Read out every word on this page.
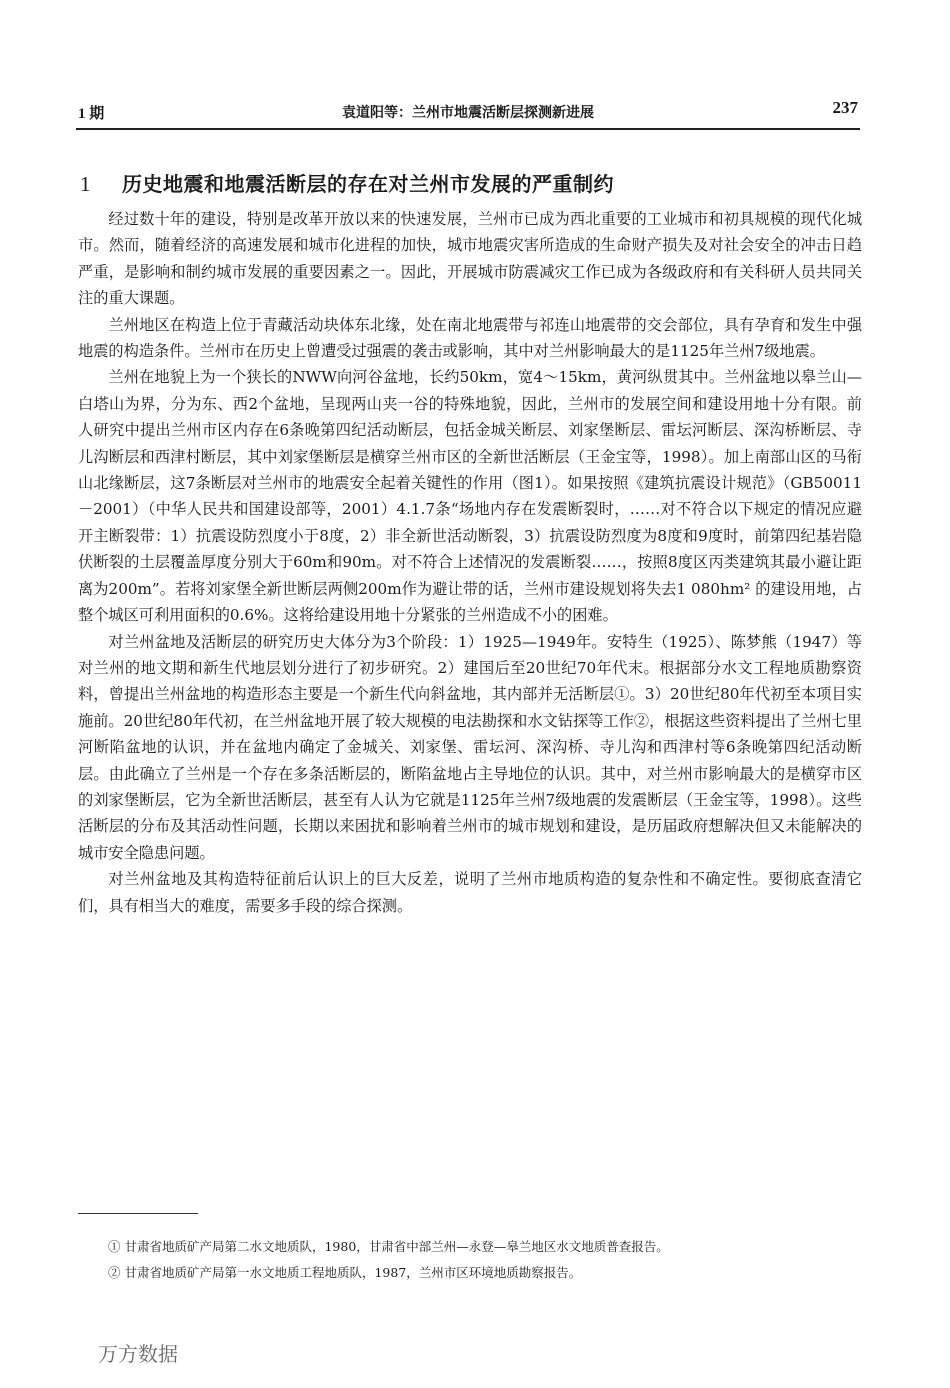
1 期	袁道阳等：兰州市地震活断层探测新进展	237
1 历史地震和地震活断层的存在对兰州市发展的严重制约

经过数十年的建设，特别是改革开放以来的快速发展，兰州市已成为西北重要的工业城市和初具规模的现代化城市。然而，随着经济的高速发展和城市化进程的加快，城市地震灾害所造成的生命财产损失及对社会安全的冲击日趋严重，是影响和制约城市发展的重要因素之一。因此，开展城市防震减灾工作已成为各级政府和有关科研人员共同关注的重大课题。

兰州地区在构造上位于青藏活动块体东北缘，处在南北地震带与祁连山地震带的交会部位，具有孕育和发生中强地震的构造条件。兰州市在历史上曾遭受过强震的袭击或影响，其中对兰州影响最大的是1125年兰州7级地震。

兰州在地貌上为一个狭长的NWW向河谷盆地，长约50km，宽4～15km，黄河纵贯其中。兰州盆地以皋兰山—白塔山为界，分为东、西2个盆地，呈现两山夹一谷的特殊地貌，因此，兰州市的发展空间和建设用地十分有限。前人研究中提出兰州市区内存在6条晚第四纪活动断层，包括金城关断层、刘家堡断层、雷坛河断层、深沟桥断层、寺儿沟断层和西津村断层，其中刘家堡断层是横穿兰州市区的全新世活断层（王金宝等，1998）。加上南部山区的马衔山北缘断层，这7条断层对兰州市的地震安全起着关键性的作用（图1）。如果按照《建筑抗震设计规范》（GB50011－2001）（中华人民共和国建设部等，2001）4.1.7条“场地内存在发震断裂时，……对不符合以下规定的情况应避开主断裂带：1）抗震设防烈度小于8度，2）非全新世活动断裂，3）抗震设防烈度为8度和9度时，前第四纪基岩隐伏断裂的土层覆盖厚度分别大于60m和90m。对不符合上述情况的发震断裂……，按照8度区丙类建筑其最小避让距离为200m”。若将刘家堡全新世断层两侧200m作为避让带的话，兰州市建设规划将失去1 080hm² 的建设用地，占整个城区可利用面积的0.6%。这将给建设用地十分紧张的兰州造成不小的困难。

对兰州盆地及活断层的研究历史大体分为3个阶段：1）1925—1949年。安特生（1925）、陈梦熊（1947）等对兰州的地文期和新生代地层划分进行了初步研究。2）建国后至20世纪70年代末。根据部分水文工程地质勘察资料，曾提出兰州盆地的构造形态主要是一个新生代向斜盆地，其内部并无活断层①。3）20世纪80年代初至本项目实施前。20世纪80年代初，在兰州盆地开展了较大规模的电法勘探和水文钻探等工作②，根据这些资料提出了兰州七里河断陷盆地的认识，并在盆地内确定了金城关、刘家堡、雷坛河、深沟桥、寺儿沟和西津村等6条晚第四纪活动断层。由此确立了兰州是一个存在多条活断层的，断陷盆地占主导地位的认识。其中，对兰州市影响最大的是横穿市区的刘家堡断层，它为全新世活断层，甚至有人认为它就是1125年兰州7级地震的发震断层（王金宝等，1998）。这些活断层的分布及其活动性问题，长期以来困扰和影响着兰州市的城市规划和建设，是历届政府想解决但又未能解决的城市安全隐患问题。

对兰州盆地及其构造特征前后认识上的巨大反差，说明了兰州市地质构造的复杂性和不确定性。要彻底查清它们，具有相当大的难度，需要多手段的综合探测。

① 甘肃省地质矿产局第二水文地质队，1980，甘肃省中部兰州—永登—皋兰地区水文地质普查报告。
② 甘肃省地质矿产局第一水文地质工程地质队，1987，兰州市区环境地质勘察报告。
万方数据
